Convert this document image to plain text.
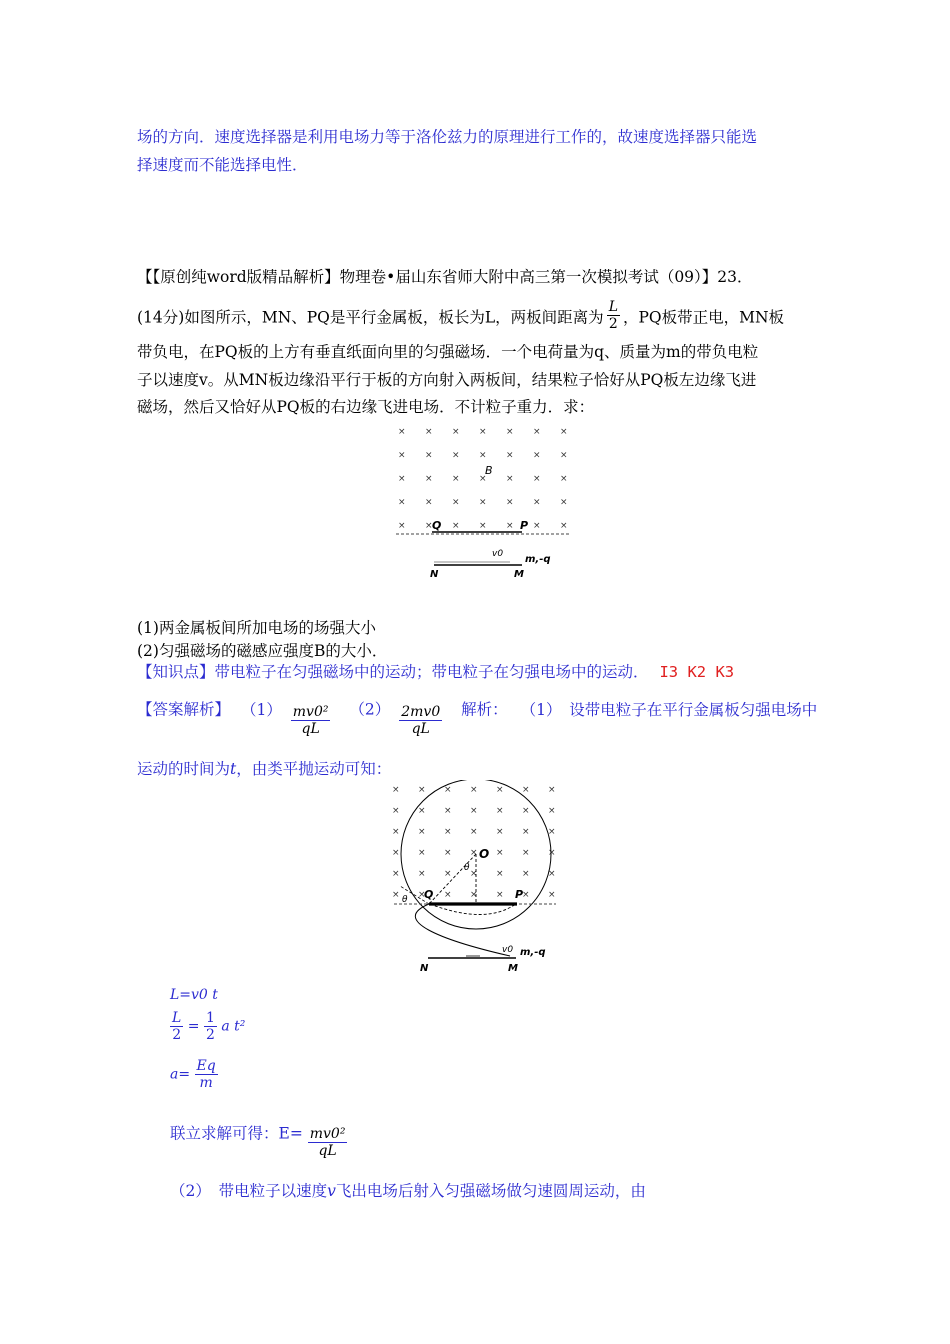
场的方向．速度选择器是利用电场力等于洛伦兹力的原理进行工作的，故速度选择器只能选
择速度而不能选择电性．
【【原创纯word版精品解析】物理卷•届山东省师大附中高三第一次模拟考试（09）】23．
(14分)如图所示，MN、PQ是平行金属板，板长为L，两板间距离为 $\frac{L}{2}$ ，PQ板带正电，MN板
带负电，在PQ板的上方有垂直纸面向里的匀强磁场．一个电荷量为q、质量为m的带负电粒
子以速度v。从MN板边缘沿平行于板的方向射入两板间，结果粒子恰好从PQ板左边缘飞进
磁场，然后又恰好从PQ板的右边缘飞进电场．不计粒子重力．求：
× × × × × × ×
× × × × × × ×
× × × × × × ×
× × × × × × ×
× × × × × × ×
B
Q	P
v0 m,-q
N	M
(1)两金属板间所加电场的场强大小
(2)匀强磁场的磁感应强度B的大小．
【知识点】带电粒子在匀强磁场中的运动；带电粒子在匀强电场中的运动． I3 K2 K3
【答案解析】 $(1) \frac{\text{mv0²}}{qL} (2) \frac{2mv0}{qL}$ 解析： （1）　设带电粒子在平行金属板匀强电场中
运动的时间为t，由类平抛运动可知：
× × × × × × ×
× × × × × × ×
× × × × × × ×
× × × × × × ×
× × × × × × ×
× × × × × × ×
O
θ
θ Q	P
v0 m,-q
N	M
L=v0 t
$\frac{L}{2} = \frac{1}{2}$ a t²
$a= \frac{Eq}{m}$
联立求解可得：$E= \frac{\text{mv0²}}{qL}$
（2）　带电粒子以速度v飞出电场后射入匀强磁场做匀速圆周运动，由
